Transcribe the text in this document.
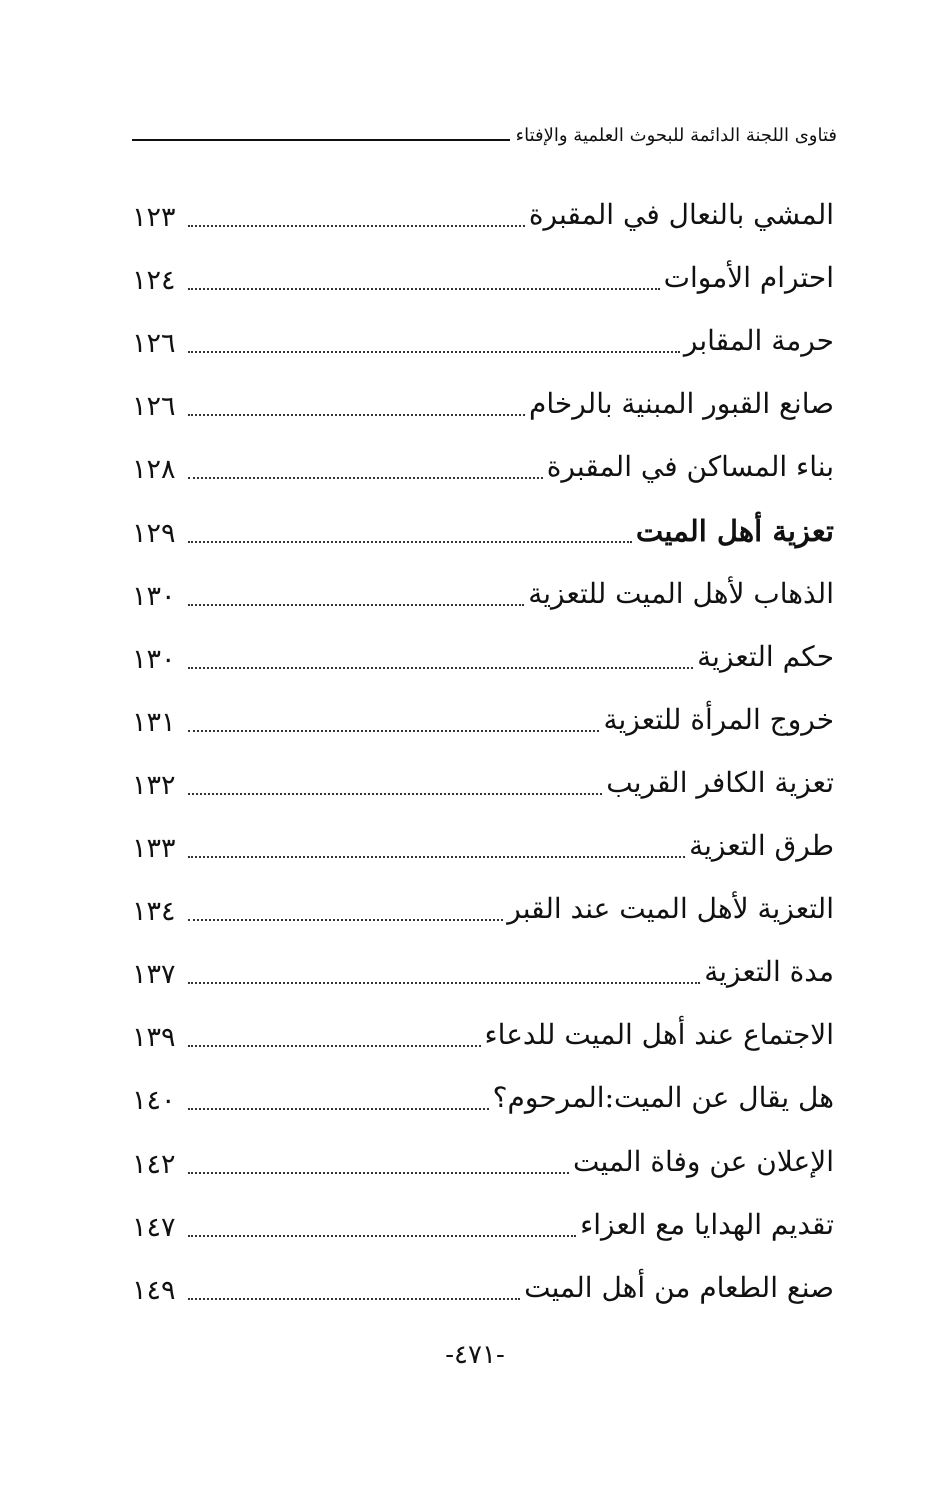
فتاوى اللجنة الدائمة للبحوث العلمية والإفتاء
١٢٣	المشي بالنعال في المقبرة
١٢٤	احترام الأموات
١٢٦	حرمة المقابر
١٢٦	صانع القبور المبنية بالرخام
١٢٨	بناء المساكن في المقبرة
١٢٩	تعزية أهل الميت
١٣٠	الذهاب لأهل الميت للتعزية
١٣٠	حكم التعزية
١٣١	خروج المرأة للتعزية
١٣٢	تعزية الكافر القريب
١٣٣	طرق التعزية
١٣٤	التعزية لأهل الميت عند القبر
١٣٧	مدة التعزية
١٣٩	الاجتماع عند أهل الميت للدعاء
١٤٠	هل يقال عن الميت:المرحوم؟
١٤٢	الإعلان عن وفاة الميت
١٤٧	تقديم الهدايا مع العزاء
١٤٩	صنع الطعام من أهل الميت
-٤٧١-
